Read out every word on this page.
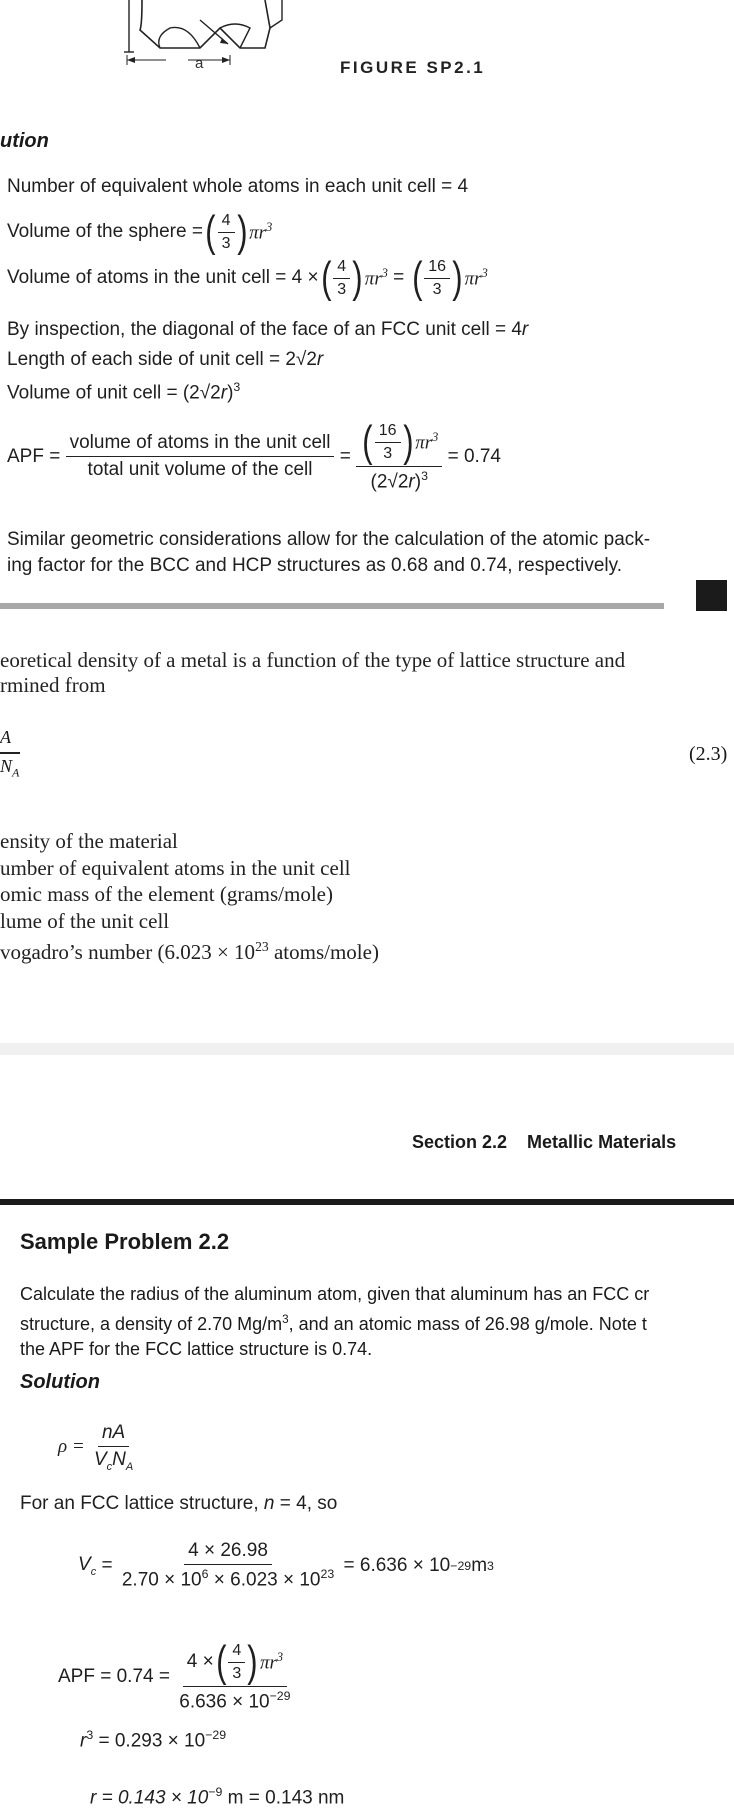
a	FIGURE SP2.1
ution
Number of equivalent whole atoms in each unit cell = 4
Volume of the sphere = ( $\frac{4}{3}$ ) $\pi r^3$
Volume of atoms in the unit cell = 4 × ( $\frac{4}{3}$ ) $\pi r^3$ = ( $\frac{16}{3}$ ) $\pi r^3$
By inspection, the diagonal of the face of an FCC unit cell = 4r
Length of each side of unit cell = 2√2r
Volume of unit cell = $(2√2r)^3$
APF =
$\frac{\text{volume of atoms in the unit cell}}{\text{total unit volume of the cell}} = \frac{( \frac{16}{3} ) \pi r^3}{(2√2r)^3}$
= 0.74
Similar geometric considerations allow for the calculation of the atomic pack-
ing factor for the BCC and HCP structures as 0.68 and 0.74, respectively.
eoretical density of a metal is a function of the type of lattice structure and
rmined from
A
$N_A$
(2.3)
ensity of the material
umber of equivalent atoms in the unit cell
omic mass of the element (grams/mole)
lume of the unit cell
vogadro’s number ($6.023 \times 10^{23}$ atoms/mole)
Section 2.2    Metallic Materials
Sample Problem 2.2
Calculate the radius of the aluminum atom, given that aluminum has an FCC cr
structure, a density of 2.70 $Mg/m^3$, and an atomic mass of 26.98 g/mole. Note t
the APF for the FCC lattice structure is 0.74.
Solution
ρ =
$\frac{nA}{V_cN_A}$
For an FCC lattice structure, n = 4, so
$V_c = \frac{4 \times 26.98}{2.70 \times 10^6 \times 6.023 \times 10^{23}}$
= 6.636 × 10 −29 m 3
APF = 0.74 =
$\frac{4 \times ( \frac{4}{3} ) \pi r^3}{6.636 \times 10^{-29}}$
$r^3 = 0.293 \times 10^{-29}$
$r = 0.143 \times 10^{-9}$ m = 0.143 nm
